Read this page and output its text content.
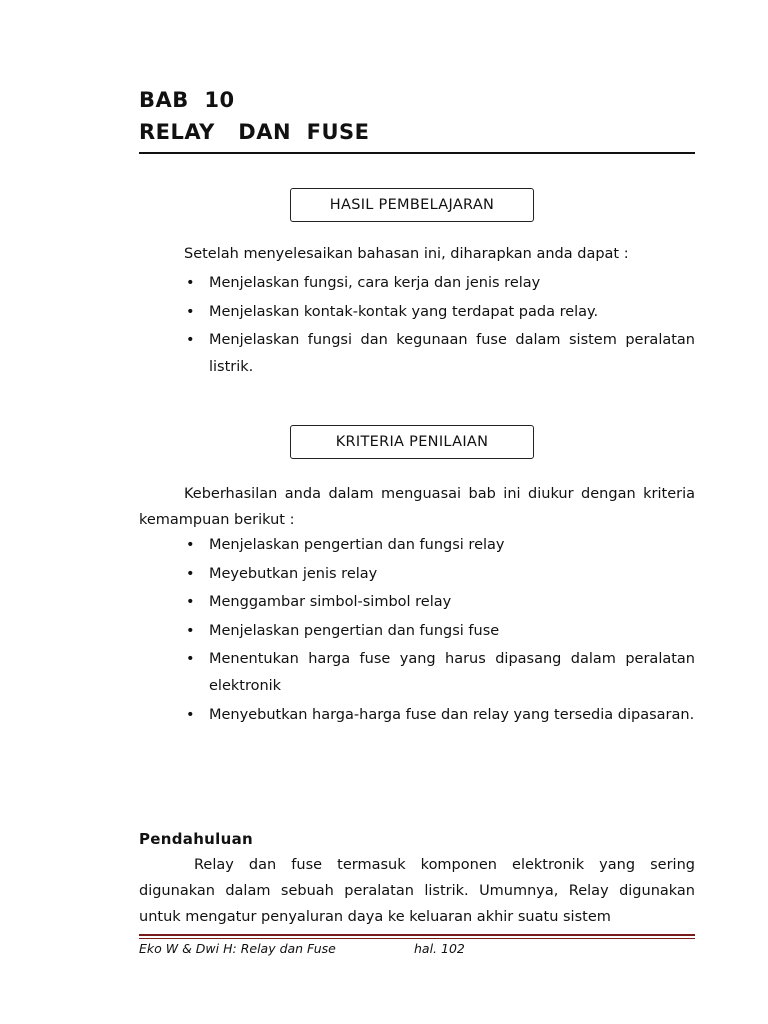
BAB  10
RELAY   DAN  FUSE
HASIL PEMBELAJARAN
Setelah menyelesaikan bahasan ini, diharapkan anda dapat :
• Menjelaskan fungsi, cara kerja dan jenis relay
• Menjelaskan kontak-kontak yang terdapat pada relay.
• Menjelaskan fungsi dan kegunaan fuse dalam sistem peralatan listrik.
KRITERIA PENILAIAN
Keberhasilan anda dalam menguasai bab ini diukur dengan kriteria kemampuan berikut :
• Menjelaskan pengertian dan fungsi relay
• Meyebutkan jenis relay
• Menggambar simbol-simbol relay
• Menjelaskan pengertian dan fungsi fuse
• Menentukan harga fuse yang harus dipasang dalam peralatan elektronik
• Menyebutkan harga-harga fuse dan relay yang tersedia dipasaran.
Pendahuluan
Relay dan fuse termasuk komponen elektronik yang sering digunakan dalam sebuah peralatan listrik. Umumnya, Relay digunakan untuk mengatur penyaluran daya ke keluaran akhir suatu sistem
Eko W & Dwi H: Relay dan Fuse	hal. 102
